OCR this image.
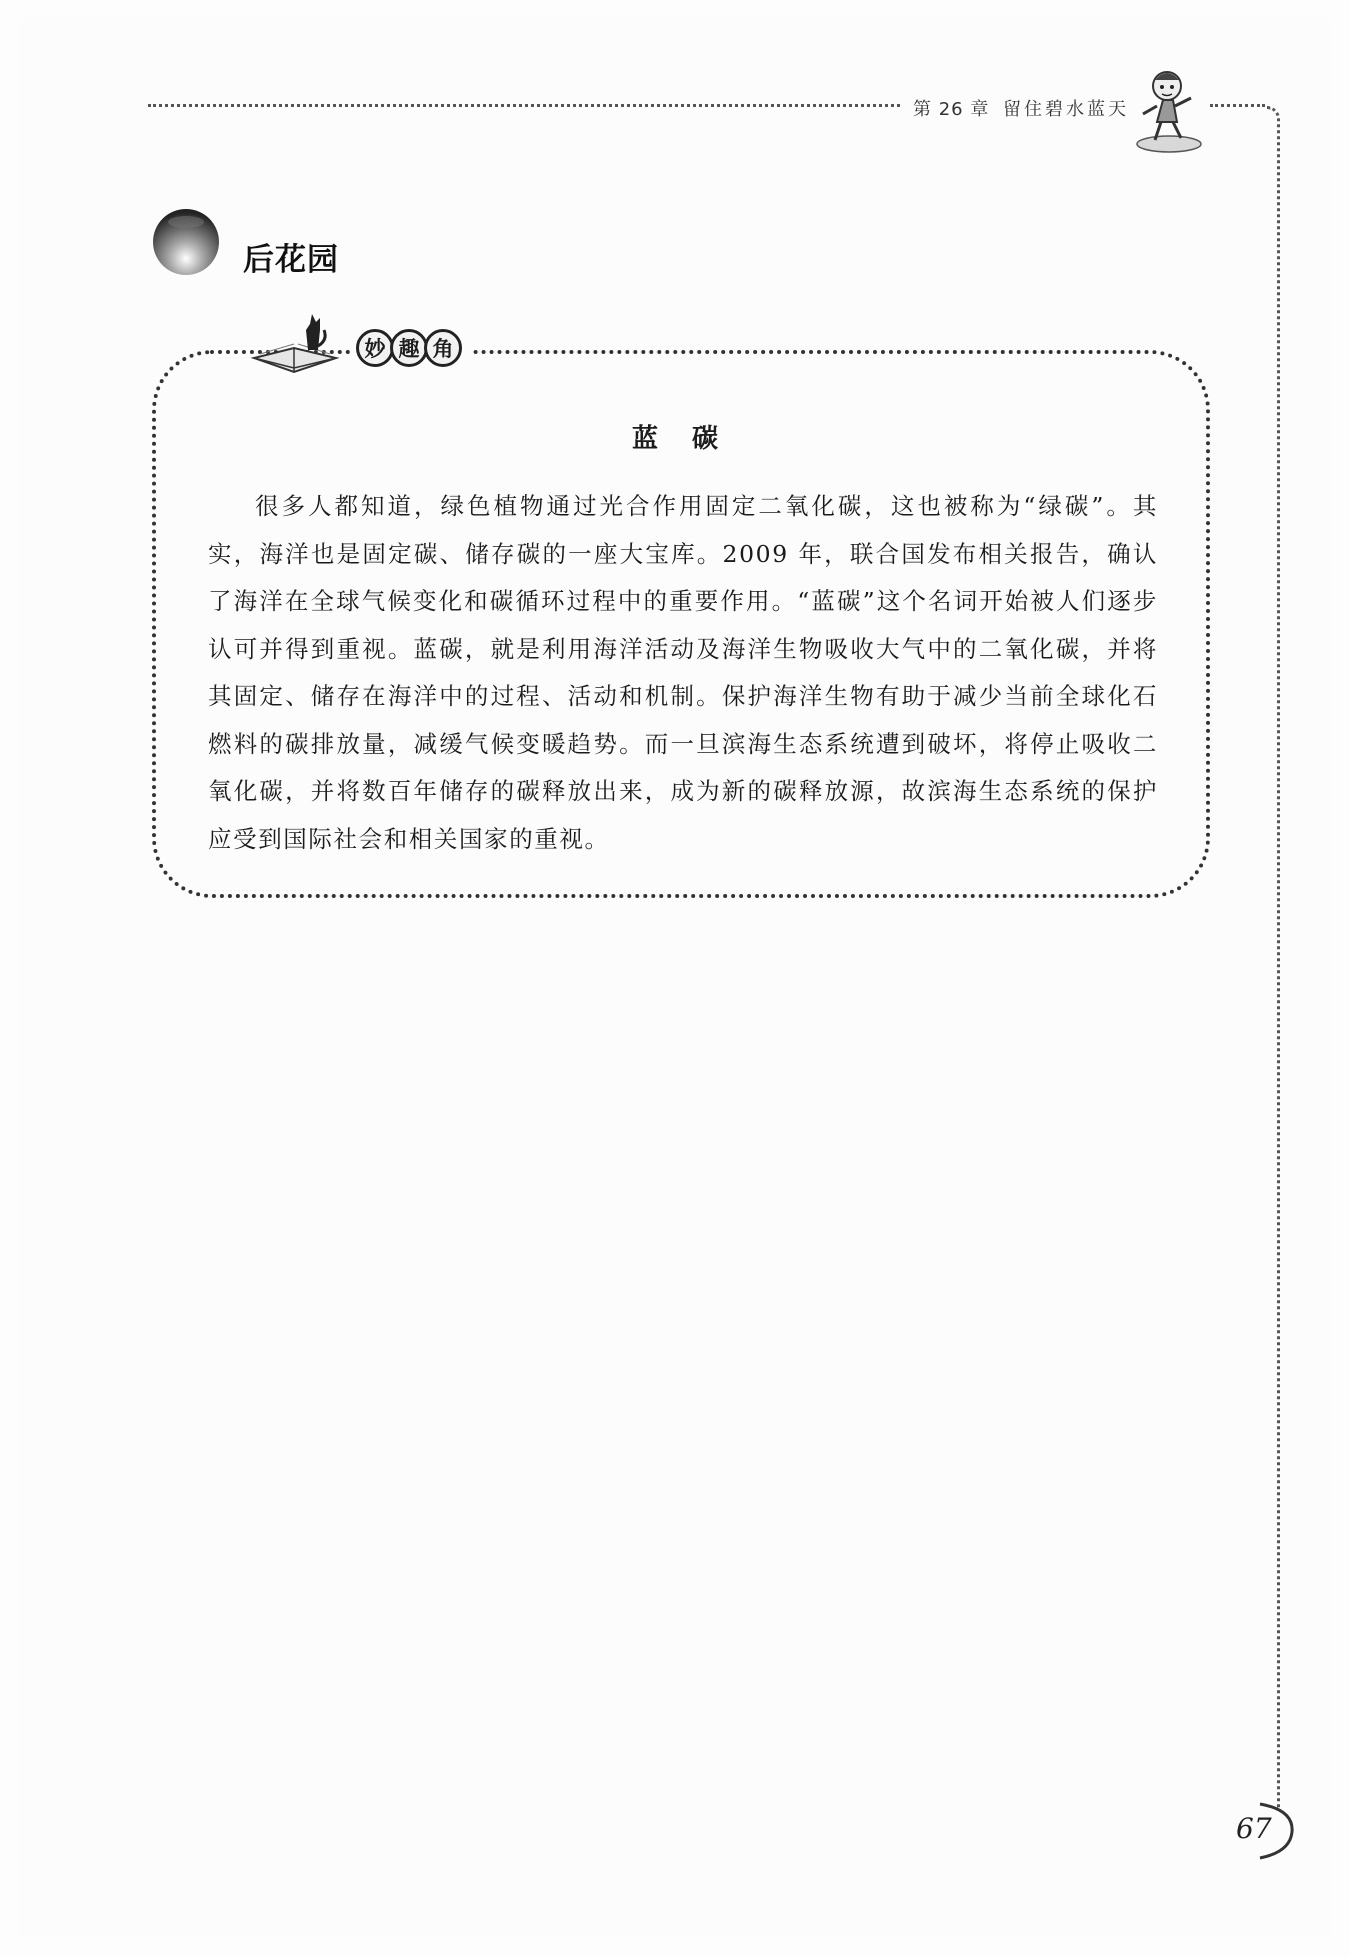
第 26 章 留住碧水蓝天
后花园
妙 趣 角
蓝碳
很多人都知道，绿色植物通过光合作用固定二氧化碳，这也被称为“绿碳”。其实，海洋也是固定碳、储存碳的一座大宝库。2009 年，联合国发布相关报告，确认了海洋在全球气候变化和碳循环过程中的重要作用。“蓝碳”这个名词开始被人们逐步认可并得到重视。蓝碳，就是利用海洋活动及海洋生物吸收大气中的二氧化碳，并将其固定、储存在海洋中的过程、活动和机制。保护海洋生物有助于减少当前全球化石燃料的碳排放量，减缓气候变暖趋势。而一旦滨海生态系统遭到破坏，将停止吸收二氧化碳，并将数百年储存的碳释放出来，成为新的碳释放源，故滨海生态系统的保护应受到国际社会和相关国家的重视。
67
